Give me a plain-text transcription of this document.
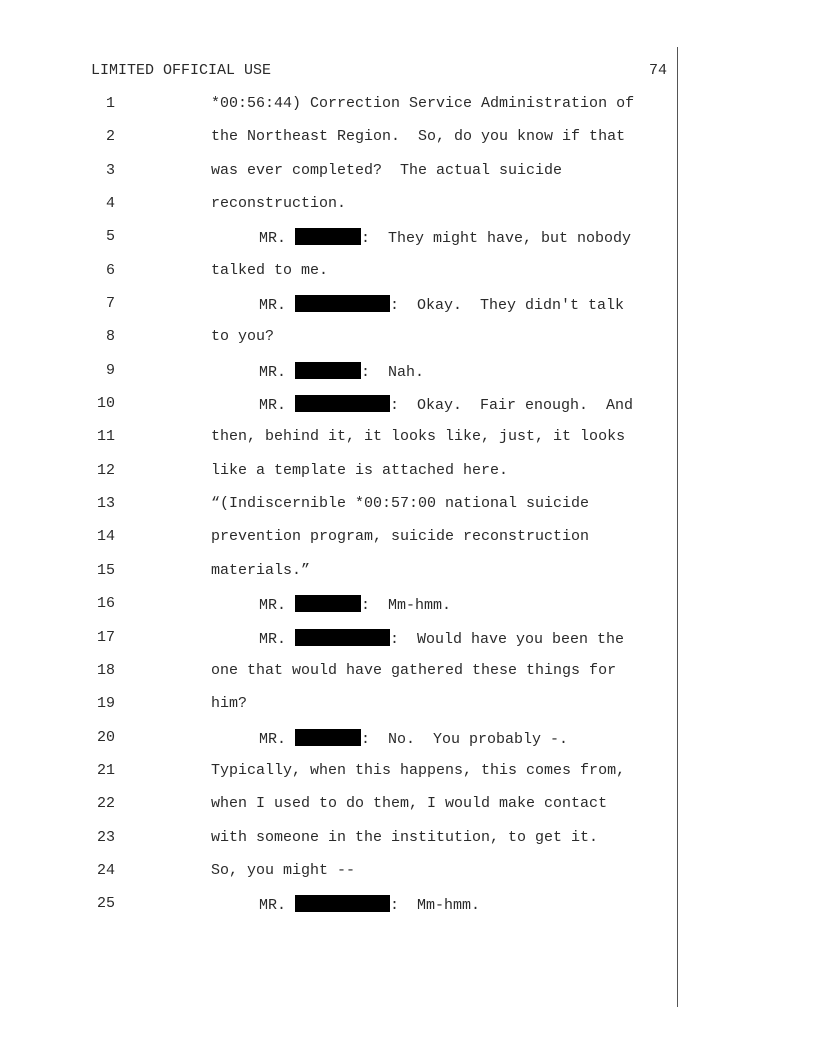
LIMITED OFFICIAL USE	74
1	*00:56:44) Correction Service Administration of
2	the Northeast Region.  So, do you know if that
3	was ever completed?  The actual suicide
4	reconstruction.
5	MR.	:  They might have, but nobody
6	talked to me.
7	MR.	:  Okay.  They didn't talk
8	to you?
9	MR.	:  Nah.
10	MR.	:  Okay.  Fair enough.  And
11	then, behind it, it looks like, just, it looks
12	like a template is attached here.
13	“(Indiscernible *00:57:00 national suicide
14	prevention program, suicide reconstruction
15	materials.”
16	MR.	:  Mm-hmm.
17	MR.	:  Would have you been the
18	one that would have gathered these things for
19	him?
20	MR.	:  No.  You probably -.
21	Typically, when this happens, this comes from,
22	when I used to do them, I would make contact
23	with someone in the institution, to get it.
24	So, you might --
25	MR.	:  Mm-hmm.
